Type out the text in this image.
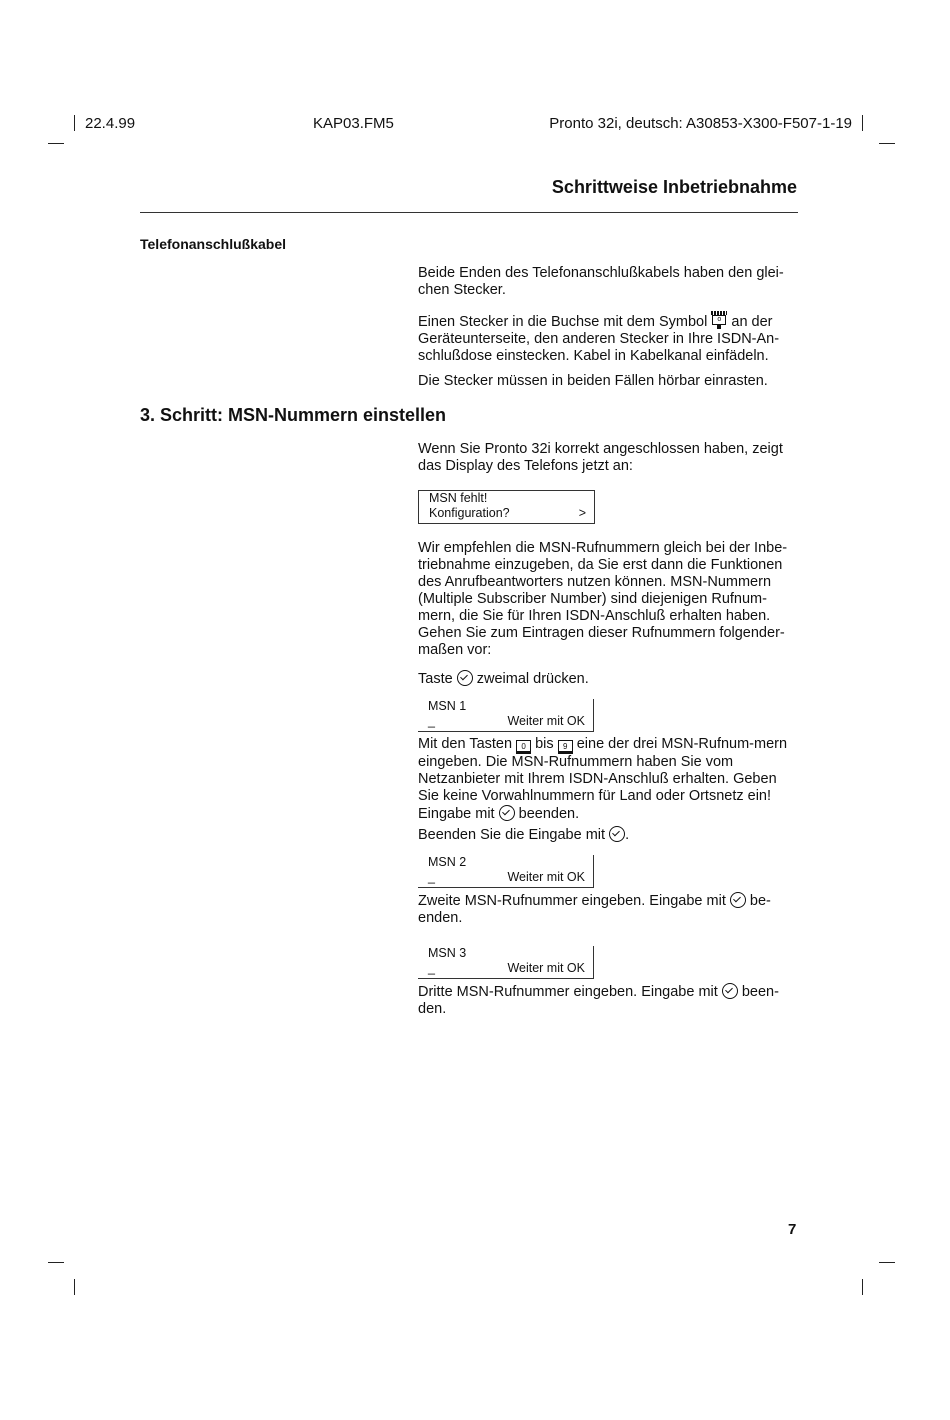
22.4.99	KAP03.FM5	Pronto 32i, deutsch: A30853-X300-F507-1-19
Schrittweise Inbetriebnahme
Telefonanschlußkabel

Beide Enden des Telefonanschlußkabels haben den glei-chen Stecker.

Einen Stecker in die Buchse mit dem Symbol	o an der Geräteunterseite, den anderen Stecker in Ihre ISDN-An-schlußdose einstecken. Kabel in Kabelkanal einfädeln.

Die Stecker müssen in beiden Fällen hörbar einrasten.

3. Schritt: MSN-Nummern einstellen

Wenn Sie Pronto 32i korrekt angeschlossen haben, zeigt das Display des Telefons jetzt an:

MSN fehlt!
Konfiguration?	>

Wir empfehlen die MSN-Rufnummern gleich bei der Inbe-triebnahme einzugeben, da Sie erst dann die Funktionen des Anrufbeantworters nutzen können. MSN-Nummern (Multiple Subscriber Number) sind diejenigen Rufnum-mern, die Sie für Ihren ISDN-Anschluß erhalten haben. Gehen Sie zum Eintragen dieser Rufnummern folgender-maßen vor:

Taste zweimal drücken.

MSN 1
_	Weiter mit OK

Mit den Tasten 0 bis 9 eine der drei MSN-Rufnum-mern eingeben. Die MSN-Rufnummern haben Sie vom Netzanbieter mit Ihrem ISDN-Anschluß erhalten. Geben Sie keine Vorwahlnummern für Land oder Ortsnetz ein! Eingabe mit beenden.

Beenden Sie die Eingabe mit .

MSN 2
_	Weiter mit OK

Zweite MSN-Rufnummer eingeben. Eingabe mit be-enden.

MSN 3
_	Weiter mit OK

Dritte MSN-Rufnummer eingeben. Eingabe mit been-den.

7
